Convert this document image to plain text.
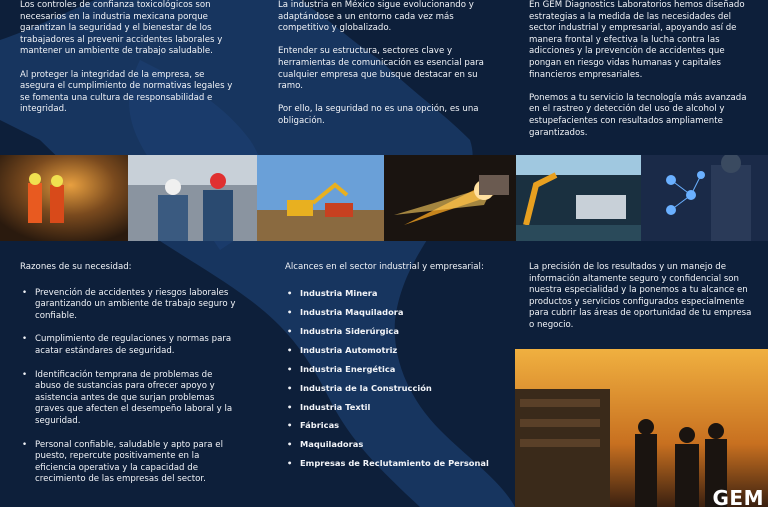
Los controles de confianza toxicológicos son necesarios en la industria mexicana porque garantizan la seguridad y el bienestar de los trabajadores al prevenir accidentes laborales y mantener un ambiente de trabajo saludable.

Al proteger la integridad de la empresa, se asegura el cumplimiento de normativas legales y se fomenta una cultura de responsabilidad e integridad.

La industria en México sigue evolucionando y adaptándose a un entorno cada vez más competitivo y globalizado.

Entender su estructura, sectores clave y herramientas de comunicación es esencial para cualquier empresa que busque destacar en su ramo.

Por ello, la seguridad no es una opción, es una obligación.

En GEM Diagnostics Laboratorios hemos diseñado estrategias a la medida de las necesidades del sector industrial y empresarial, apoyando así de manera frontal y efectiva la lucha contra las adicciones y la prevención de accidentes que pongan en riesgo vidas humanas y capitales financieros empresariales.

Ponemos a tu servicio la tecnología más avanzada en el rastreo y detección del uso de alcohol y estupefacientes con resultados ampliamente garantizados.

Razones de su necesidad:
• Prevención de accidentes y riesgos laborales garantizando un ambiente de trabajo seguro y confiable.
• Cumplimiento de regulaciones y normas para acatar estándares de seguridad.
• Identificación temprana de problemas de abuso de sustancias para ofrecer apoyo y asistencia antes de que surjan problemas graves que afecten el desempeño laboral y la seguridad.
• Personal confiable, saludable y apto para el puesto, repercute positivamente en la eficiencia operativa y la capacidad de crecimiento de las empresas del sector.
Alcances en el sector industrial y empresarial:
• Industria Minera
• Industria Maquiladora
• Industria Siderúrgica
• Industria Automotriz
• Industria Energética
• Industria de la Construcción
• Industria Textil
• Fábricas
• Maquiladoras
• Empresas de Reclutamiento de Personal

La precisión de los resultados y un manejo de información altamente seguro y confidencial son nuestra especialidad y la ponemos a tu alcance en productos y servicios configurados especialmente para cubrir las áreas de oportunidad de tu empresa o negocio.

GEM
